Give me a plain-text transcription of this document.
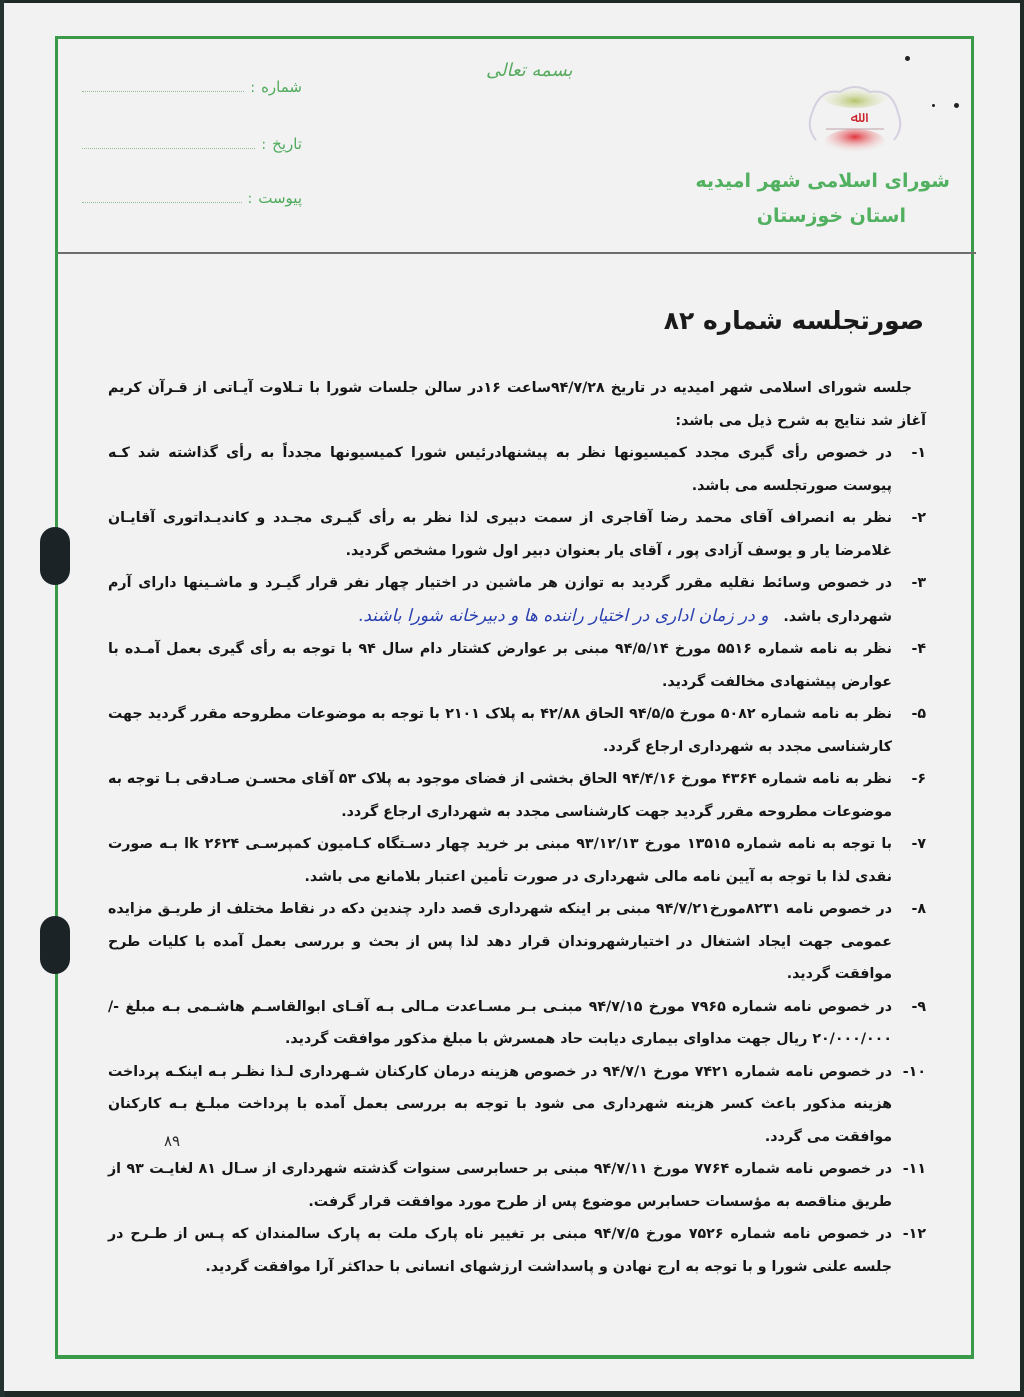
بسمه تعالی
ﷲ
شورای اسلامی شهر امیدیه
استان خوزستان
شماره
:
تاریخ
:
پیوست
:
صورتجلسه شماره ۸۲

جلسه شورای اسلامی شهر امیدیه در تاریخ ۹۴/۷/۲۸ساعت ۱۶در سالن جلسات شورا با تـلاوت آیـاتی از قـرآن کریم آغاز شد نتایج به شرح ذیل می باشد:

۱-
در خصوص رأی گیری مجدد کمیسیونها نظر به پیشنهادرئیس شورا کمیسیونها مجدداً به رأی گذاشته شد کـه پیوست صورتجلسه می باشد.
۲-
نظر به انصراف آقای محمد رضا آقاجری از سمت دبیری لذا نظر به رأی گیـری مجـدد و کاندیـداتوری آقایـان غلامرضا یار و یوسف آزادی پور ، آقای یار بعنوان دبیر اول شورا مشخص گردید.
۳-
در خصوص وسائط نقلیه مقرر گردید به توازن هر ماشین در اختیار چهار نفر قرار گیـرد و ماشـینها دارای آرم شهرداری باشد. و در زمان اداری در اختیار راننده ها و دبیرخانه شورا باشند.
۴-
نظر به نامه شماره ۵۵۱۶ مورخ ۹۴/۵/۱۴ مبنی بر عوارض کشتار دام سال ۹۴ با توجه به رأی گیری بعمل آمـده با عوارض پیشنهادی مخالفت گردید.
۵-
نظر به نامه شماره ۵۰۸۲ مورخ ۹۴/۵/۵ الحاق ۴۲/۸۸ به پلاک ۲۱۰۱ با توجه به موضوعات مطروحه مقرر گردید جهت کارشناسی مجدد به شهرداری ارجاع گردد.
۶-
نظر به نامه شماره ۴۳۶۴ مورخ ۹۴/۴/۱۶ الحاق بخشی از فضای موجود به پلاک ۵۳ آقای محسـن صـادقی بـا توجه به موضوعات مطروحه مقرر گردید جهت کارشناسی مجدد به شهرداری ارجاع گردد.
۷-
با توجه به نامه شماره ۱۳۵۱۵ مورخ ۹۳/۱۲/۱۳ مبنی بر خرید چهار دسـتگاه کـامیون کمپرسـی ۲۶۲۴ lk بـه صورت نقدی لذا با توجه به آیین نامه مالی شهرداری در صورت تأمین اعتبار بلامانع می باشد.
۸-
در خصوص نامه ۸۲۳۱مورخ۹۴/۷/۲۱ مبنی بر اینکه شهرداری قصد دارد چندین دکه در نقاط مختلف از طریـق مزایده عمومی جهت ایجاد اشتغال در اختیارشهروندان قرار دهد لذا پس از بحث و بررسی بعمل آمده با کلیات طرح موافقت گردید.
۹-
در خصوص نامه شماره ۷۹۶۵ مورخ ۹۴/۷/۱۵ مبنـی بـر مسـاعدت مـالی بـه آقـای ابوالقاسـم هاشـمی بـه مبلغ -/۲۰/۰۰۰/۰۰۰ ریال جهت مداوای بیماری دیابت حاد همسرش با مبلغ مذکور موافقت گردید.
۱۰-
در خصوص نامه شماره ۷۴۲۱ مورخ ۹۴/۷/۱ در خصوص هزینه درمان کارکنان شـهرداری لـذا نظـر بـه اینکـه پرداخت هزینه مذکور باعث کسر هزینه شهرداری می شود با توجه به بررسی بعمل آمده با پرداخت مبلـغ بـه کارکنان موافقت می گردد.
۱۱-
در خصوص نامه شماره ۷۷۶۴ مورخ ۹۴/۷/۱۱ مبنی بر حسابرسی سنوات گذشته شهرداری از سـال ۸۱ لغایـت ۹۳ از طریق مناقصه به مؤسسات حسابرس موضوع پس از طرح مورد موافقت قرار گرفت.
۱۲-
در خصوص نامه شماره ۷۵۲۶ مورخ ۹۴/۷/۵ مبنی بر تغییر ناه پارک ملت به پارک سالمندان که پـس از طـرح در جلسه علنی شورا و با توجه به ارج نهادن و پاسداشت ارزشهای انسانی با حداکثر آرا موافقت گردید.
۸۹
